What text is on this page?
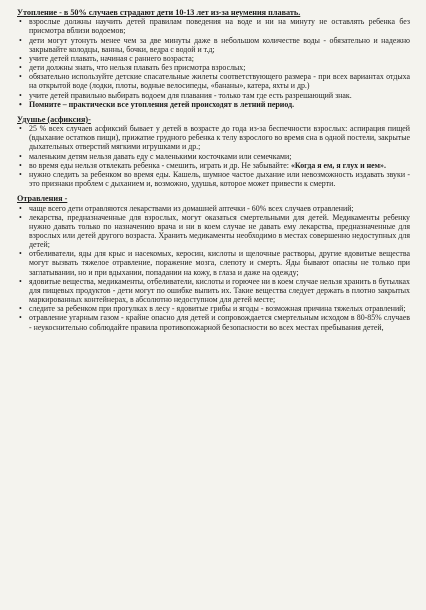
Утопление - в 50% случаев страдают дети 10-13 лет из-за неумения плавать.

• взрослые должны научить детей правилам поведения на воде и ни на минуту не оставлять ребенка без присмотра вблизи водоемов;
• дети могут утонуть менее чем за две минуты даже в небольшом количестве воды - обязательно и надежно закрывайте колодцы, ванны, бочки, ведра с водой и т.д;
• учите детей плавать, начиная с раннего возраста;
• дети должны знать, что нельзя плавать без присмотра взрослых;
• обязательно используйте детские спасательные жилеты соответствующего размера - при всех вариантах отдыха на открытой воде (лодки, плоты, водные велосипеды, «бананы», катера, яхты и др.)
• учите детей правильно выбирать водоем для плавания - только там где есть разрешающий знак.
• Помните – практически все утопления детей происходят в летний период.

Удушье (асфиксия)-

• 25 % всех случаев асфиксий бывает у детей в возрасте до года из-за беспечности взрослых: аспирация пищей (вдыхание остатков пищи), прижатие грудного ребенка к телу взрослого во время сна в одной постели, закрытые дыхательных отверстий мягкими игрушками и др.;
• маленьким детям нельзя давать еду с маленькими косточками или семечками;
• во время еды нельзя отвлекать ребенка - смешить, играть и др. Не забывайте: «Когда я ем, я глух и нем».
• нужно следить за ребенком во время еды. Кашель, шумное частое дыхание или невозможность издавать звуки - это признаки проблем с дыханием и, возможно, удушья, которое может привести к смерти.

Отравления -

• чаще всего дети отравляются лекарствами из домашней аптечки - 60% всех случаев отравлений;
• лекарства, предназначенные для взрослых, могут оказаться смертельными для детей. Медикаменты ребенку нужно давать только по назначению врача и ни в коем случае не давать ему лекарства, предназначенные для взрослых или детей другого возраста. Хранить медикаменты необходимо в местах совершенно недоступных для детей;
• отбеливатели, яды для крыс и насекомых, керосин, кислоты и щелочные растворы, другие ядовитые вещества могут вызвать тяжелое отравление, поражение мозга, слепоту и смерть. Яды бывают опасны не только при заглатывании, но и при вдыхании, попадании на кожу, в глаза и даже на одежду;
• ядовитые вещества, медикаменты, отбеливатели, кислоты и горючее ни в коем случае нельзя хранить в бутылках для пищевых продуктов - дети могут по ошибке выпить их. Такие вещества следует держать в плотно закрытых маркированных контейнерах, в абсолютно недоступном для детей месте;
• следите за ребенком при прогулках в лесу - ядовитые грибы и ягоды - возможная причина тяжелых отравлений;
• отравление угарным газом - крайне опасно для детей и сопровождается смертельным исходом в 80-85% случаев - неукоснительно соблюдайте правила противопожарной безопасности во всех местах пребывания детей,
